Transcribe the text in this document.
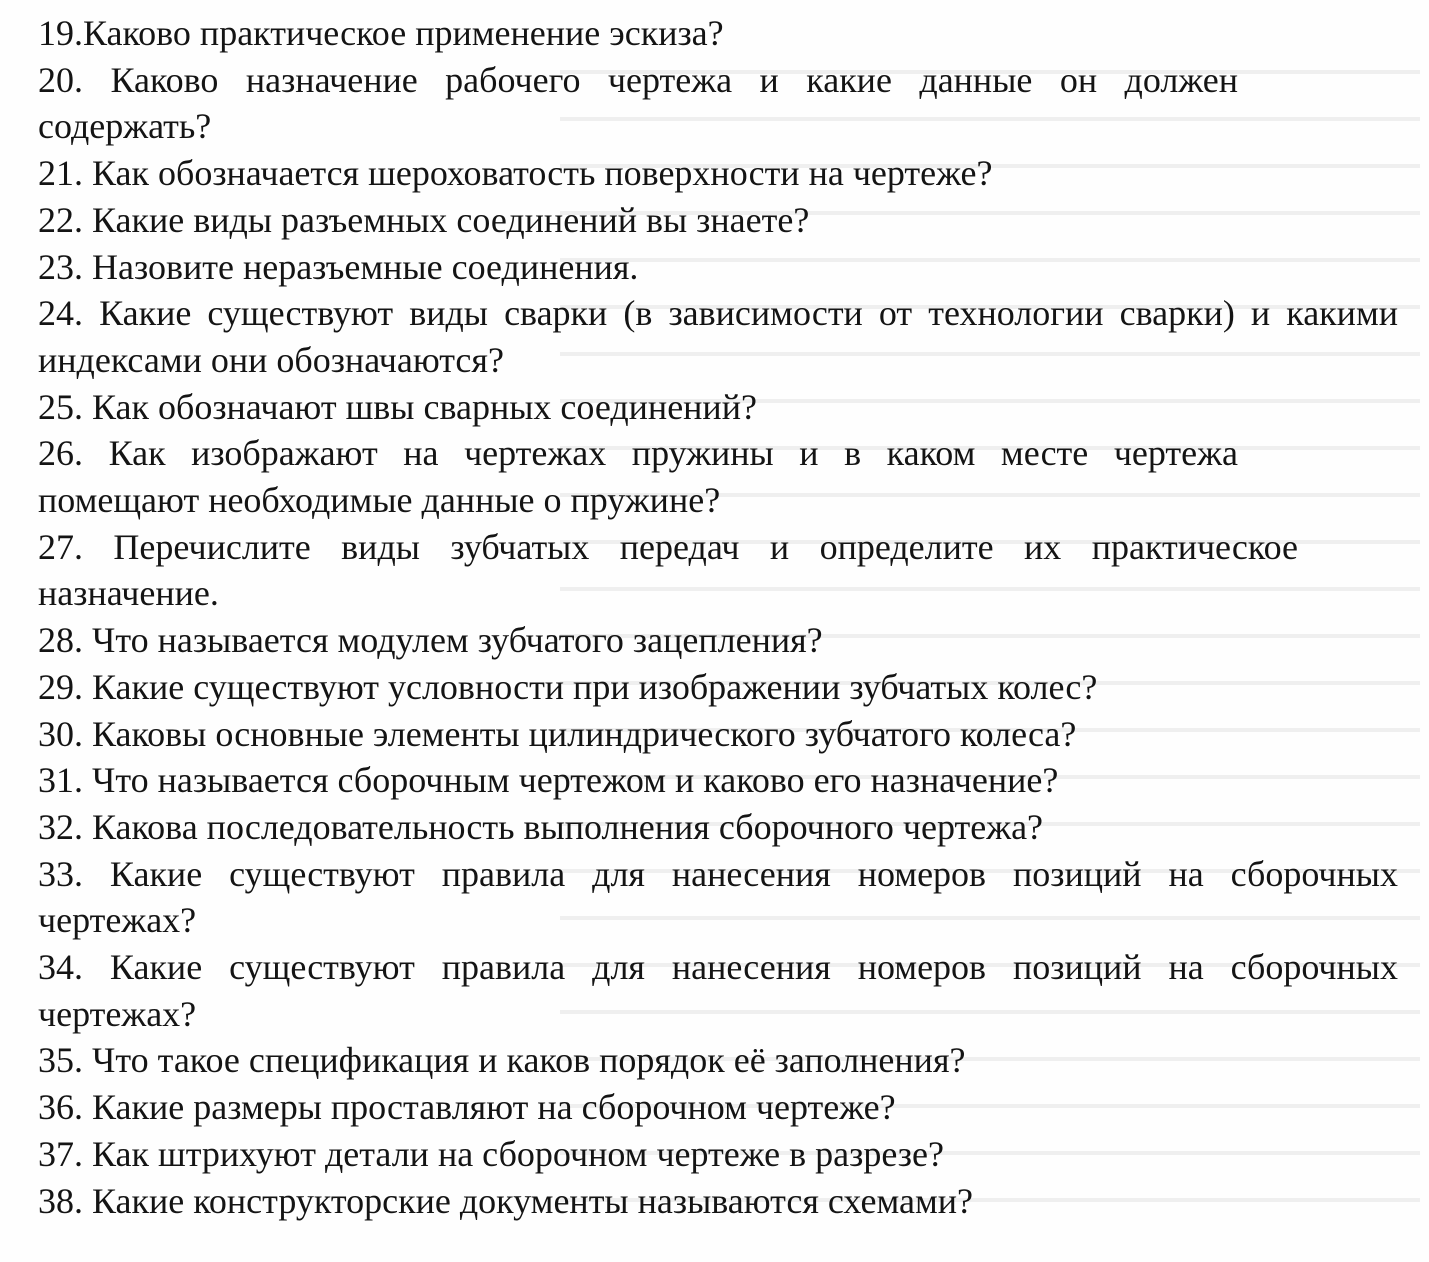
19.Каково практическое применение эскиза?
20. Каково назначение рабочего чертежа и какие данные он должен содержать?
21. Как обозначается шероховатость поверхности на чертеже?
22. Какие виды разъемных соединений вы знаете?
23. Назовите неразъемные соединения.
24. Какие существуют виды сварки (в зависимости от технологии сварки) и какими индексами они обозначаются?
25. Как обозначают швы сварных соединений?
26. Как изображают на чертежах пружины и в каком месте чертежа помещают необходимые данные о пружине?
27. Перечислите виды зубчатых передач и определите их практическое назначение.
28. Что называется модулем зубчатого зацепления?
29. Какие существуют условности при изображении зубчатых колес?
30. Каковы основные элементы цилиндрического зубчатого колеса?
31. Что называется сборочным чертежом и каково его назначение?
32. Какова последовательность выполнения сборочного чертежа?
33. Какие существуют правила для нанесения номеров позиций на сборочных чертежах?
34. Какие существуют правила для нанесения номеров позиций на сборочных чертежах?
35. Что такое спецификация и каков порядок её заполнения?
36. Какие размеры проставляют на сборочном чертеже?
37. Как штрихуют детали на сборочном чертеже в разрезе?
38. Какие конструкторские документы называются схемами?
